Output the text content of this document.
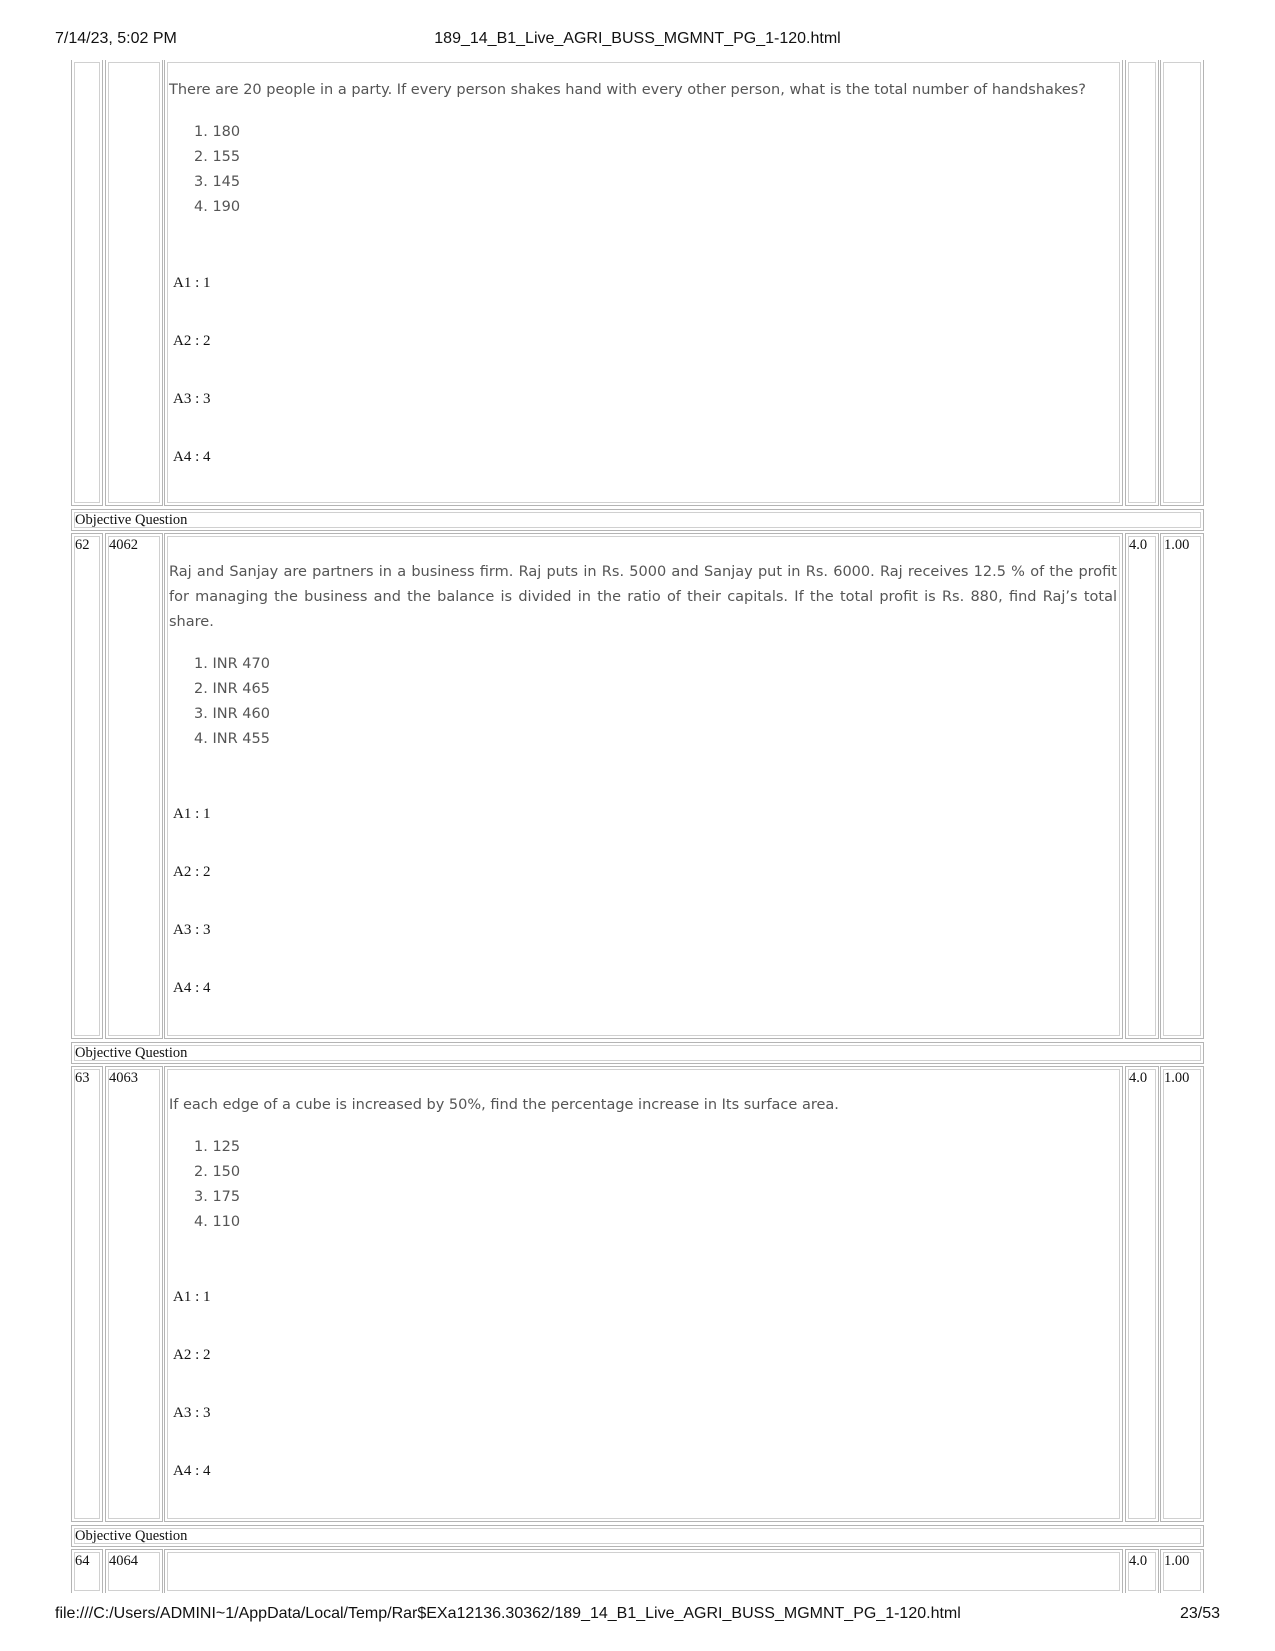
7/14/23, 5:02 PM	189_14_B1_Live_AGRI_BUSS_MGMNT_PG_1-120.html
There are 20 people in a party. If every person shakes hand with every other person, what is the total number of handshakes?
1. 180
2. 155
3. 145
4. 190
A1 : 1
A2 : 2
A3 : 3
A4 : 4
Objective Question
62 4062
Raj and Sanjay are partners in a business firm. Raj puts in Rs. 5000 and Sanjay put in Rs. 6000. Raj receives 12.5 % of the profit for managing the business and the balance is divided in the ratio of their capitals. If the total profit is Rs. 880, find Raj’s total share.
1. INR 470
2. INR 465
3. INR 460
4. INR 455
A1 : 1
A2 : 2
A3 : 3
A4 : 4
4.0 1.00
Objective Question
63 4063
If each edge of a cube is increased by 50%, find the percentage increase in Its surface area.
1. 125
2. 150
3. 175
4. 110
A1 : 1
A2 : 2
A3 : 3
A4 : 4
4.0 1.00
Objective Question
64 4064	4.0 1.00
file:///C:/Users/ADMINI~1/AppData/Local/Temp/Rar$EXa12136.30362/189_14_B1_Live_AGRI_BUSS_MGMNT_PG_1-120.html	23/53
